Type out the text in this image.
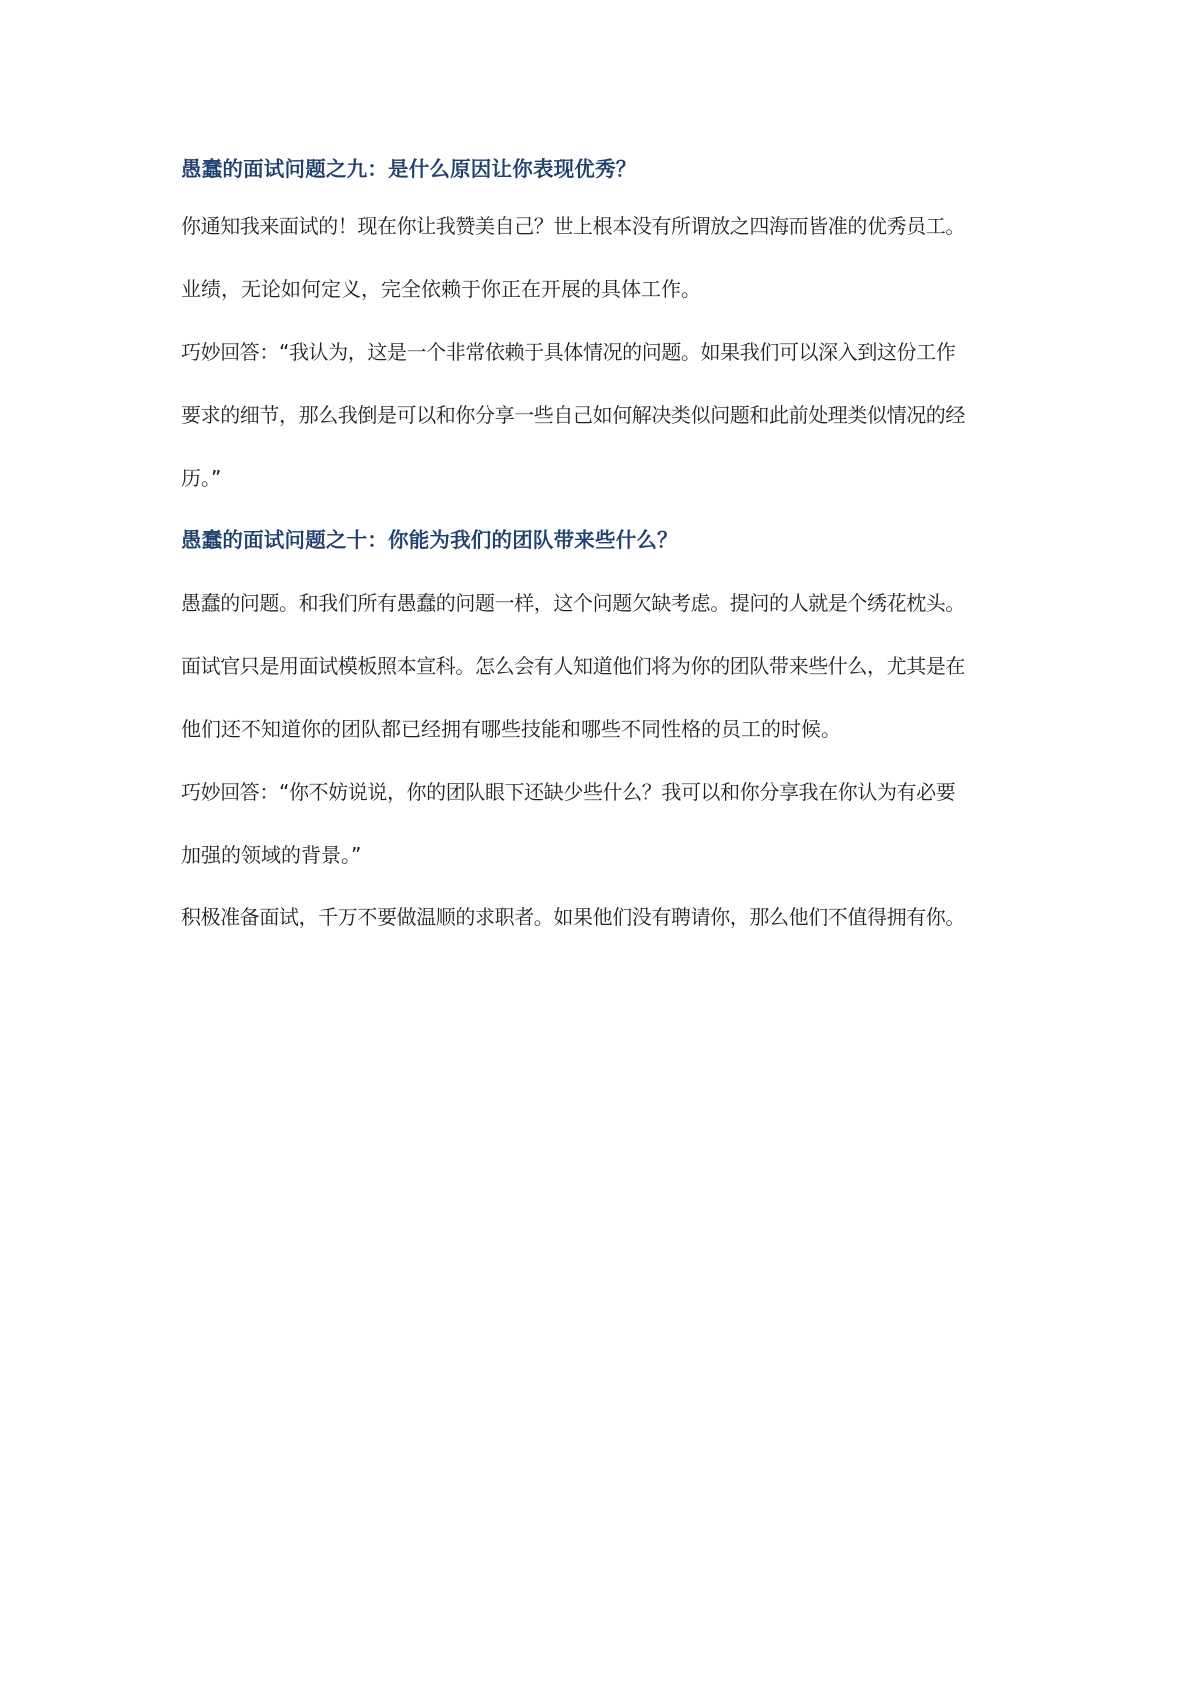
愚蠢的面试问题之九：是什么原因让你表现优秀？
你通知我来面试的！现在你让我赞美自己？世上根本没有所谓放之四海而皆准的优秀员工。
业绩，无论如何定义，完全依赖于你正在开展的具体工作。
巧妙回答：“我认为，这是一个非常依赖于具体情况的问题。如果我们可以深入到这份工作
要求的细节，那么我倒是可以和你分享一些自己如何解决类似问题和此前处理类似情况的经
历。”
愚蠢的面试问题之十：你能为我们的团队带来些什么？
愚蠢的问题。和我们所有愚蠢的问题一样，这个问题欠缺考虑。提问的人就是个绣花枕头。
面试官只是用面试模板照本宣科。怎么会有人知道他们将为你的团队带来些什么，尤其是在
他们还不知道你的团队都已经拥有哪些技能和哪些不同性格的员工的时候。
巧妙回答：“你不妨说说，你的团队眼下还缺少些什么？我可以和你分享我在你认为有必要
加强的领域的背景。”
积极准备面试，千万不要做温顺的求职者。如果他们没有聘请你，那么他们不值得拥有你。
